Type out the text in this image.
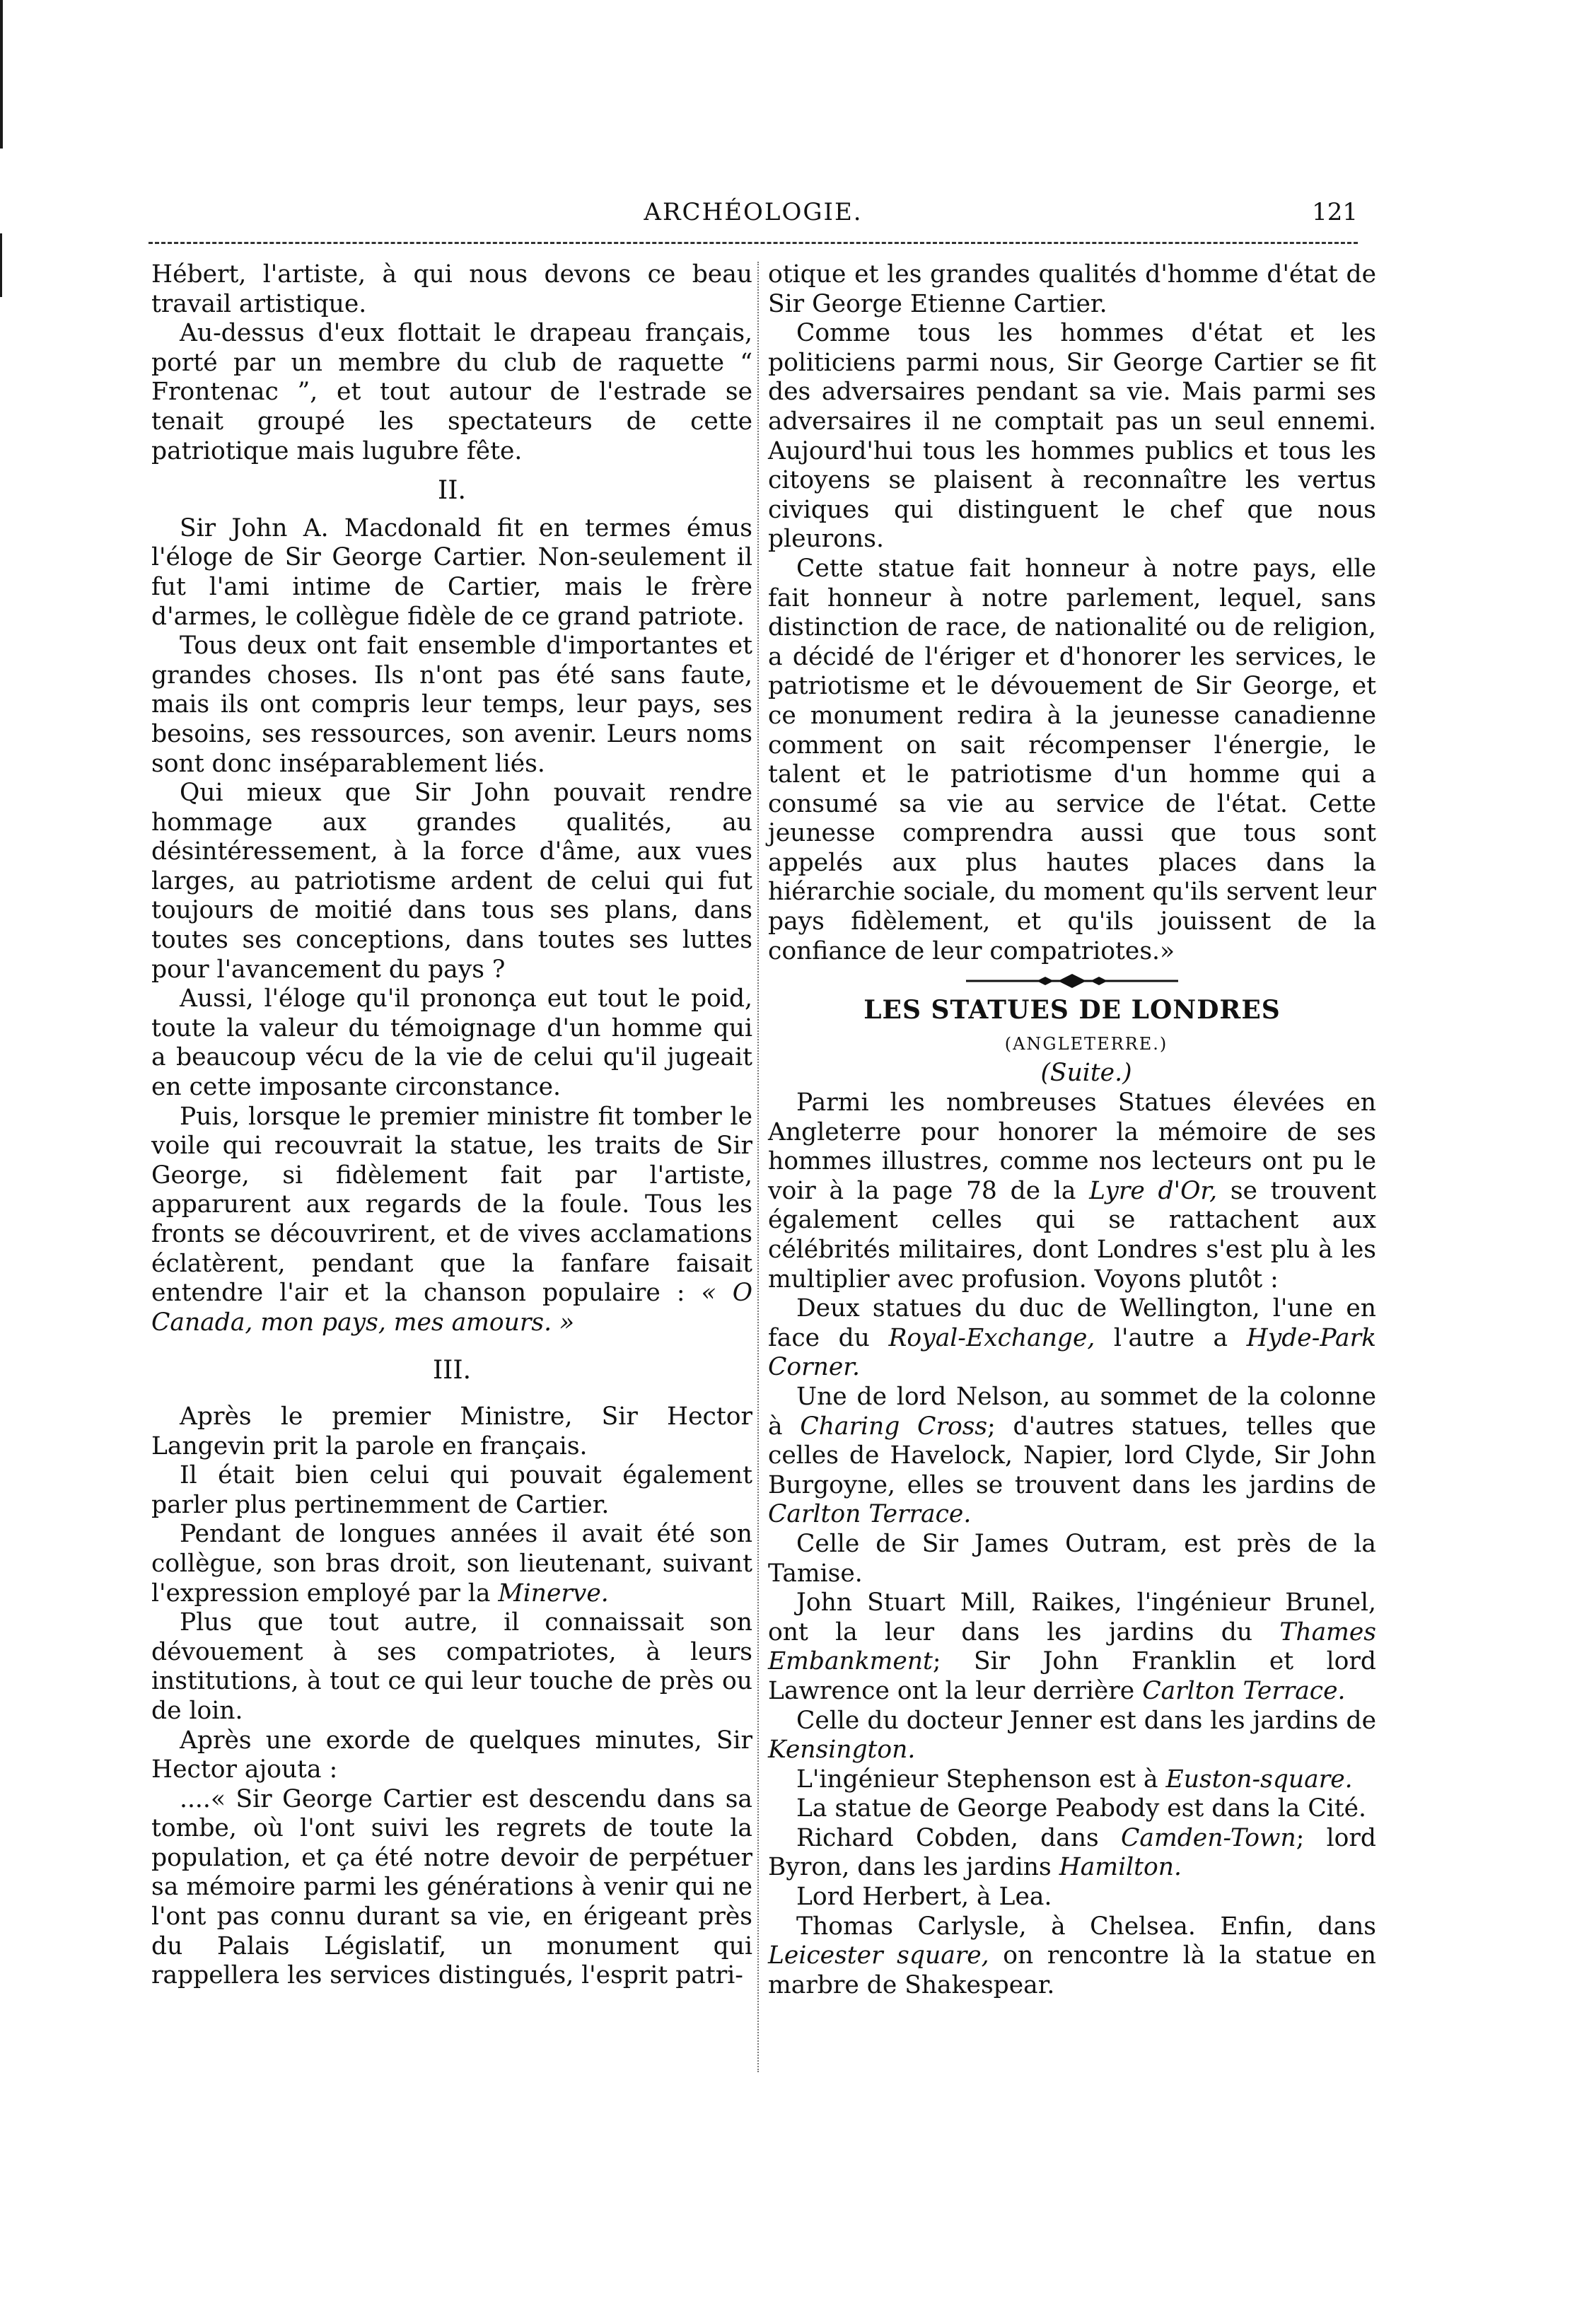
ARCHÉOLOGIE.	121

Hébert, l'artiste, à qui nous devons ce beau travail artistique.

Au-dessus d'eux flottait le drapeau français, porté par un membre du club de raquette “ Frontenac ”, et tout autour de l'estrade se tenait groupé les spectateurs de cette patriotique mais lugubre fête.

II.

Sir John A. Macdonald fit en termes émus l'éloge de Sir George Cartier. Non-seulement il fut l'ami intime de Cartier, mais le frère d'armes, le collègue fidèle de ce grand patriote.

Tous deux ont fait ensemble d'importantes et grandes choses. Ils n'ont pas été sans faute, mais ils ont compris leur temps, leur pays, ses besoins, ses ressources, son avenir. Leurs noms sont donc inséparablement liés.

Qui mieux que Sir John pouvait rendre hommage aux grandes qualités, au désintéressement, à la force d'âme, aux vues larges, au patriotisme ardent de celui qui fut toujours de moitié dans tous ses plans, dans toutes ses conceptions, dans toutes ses luttes pour l'avancement du pays ?

Aussi, l'éloge qu'il prononça eut tout le poid, toute la valeur du témoignage d'un homme qui a beaucoup vécu de la vie de celui qu'il jugeait en cette imposante circonstance.

Puis, lorsque le premier ministre fit tomber le voile qui recouvrait la statue, les traits de Sir George, si fidèlement fait par l'artiste, apparurent aux regards de la foule. Tous les fronts se découvrirent, et de vives acclamations éclatèrent, pendant que la fanfare faisait entendre l'air et la chanson populaire : « O Canada, mon pays, mes amours. »

III.

Après le premier Ministre, Sir Hector Langevin prit la parole en français.

Il était bien celui qui pouvait également parler plus pertinemment de Cartier.

Pendant de longues années il avait été son collègue, son bras droit, son lieutenant, suivant l'expression employé par la Minerve.

Plus que tout autre, il connaissait son dévouement à ses compatriotes, à leurs institutions, à tout ce qui leur touche de près ou de loin.

Après une exorde de quelques minutes, Sir Hector ajouta :

....« Sir George Cartier est descendu dans sa tombe, où l'ont suivi les regrets de toute la population, et ça été notre devoir de perpétuer sa mémoire parmi les générations à venir qui ne l'ont pas connu durant sa vie, en érigeant près du Palais Législatif, un monument qui rappellera les services distingués, l'esprit patri-

otique et les grandes qualités d'homme d'état de Sir George Etienne Cartier.

Comme tous les hommes d'état et les politiciens parmi nous, Sir George Cartier se fit des adversaires pendant sa vie. Mais parmi ses adversaires il ne comptait pas un seul ennemi. Aujourd'hui tous les hommes publics et tous les citoyens se plaisent à reconnaître les vertus civiques qui distinguent le chef que nous pleurons.

Cette statue fait honneur à notre pays, elle fait honneur à notre parlement, lequel, sans distinction de race, de nationalité ou de religion, a décidé de l'ériger et d'honorer les services, le patriotisme et le dévouement de Sir George, et ce monument redira à la jeunesse canadienne comment on sait récompenser l'énergie, le talent et le patriotisme d'un homme qui a consumé sa vie au service de l'état. Cette jeunesse comprendra aussi que tous sont appelés aux plus hautes places dans la hiérarchie sociale, du moment qu'ils servent leur pays fidèlement, et qu'ils jouissent de la confiance de leur compatriotes.»

LES STATUES DE LONDRES

(ANGLETERRE.)

(Suite.)

Parmi les nombreuses Statues élevées en Angleterre pour honorer la mémoire de ses hommes illustres, comme nos lecteurs ont pu le voir à la page 78 de la Lyre d'Or, se trouvent également celles qui se rattachent aux célébrités militaires, dont Londres s'est plu à les multiplier avec profusion. Voyons plutôt :

Deux statues du duc de Wellington, l'une en face du Royal-Exchange, l'autre a Hyde-Park Corner.

Une de lord Nelson, au sommet de la colonne à Charing Cross; d'autres statues, telles que celles de Havelock, Napier, lord Clyde, Sir John Burgoyne, elles se trouvent dans les jardins de Carlton Terrace.

Celle de Sir James Outram, est près de la Tamise.

John Stuart Mill, Raikes, l'ingénieur Brunel, ont la leur dans les jardins du Thames Embankment; Sir John Franklin et lord Lawrence ont la leur derrière Carlton Terrace.

Celle du docteur Jenner est dans les jardins de Kensington.

L'ingénieur Stephenson est à Euston-square.

La statue de George Peabody est dans la Cité.

Richard Cobden, dans Camden-Town; lord Byron, dans les jardins Hamilton.

Lord Herbert, à Lea.

Thomas Carlysle, à Chelsea. Enfin, dans Leicester square, on rencontre là la statue en marbre de Shakespear.
